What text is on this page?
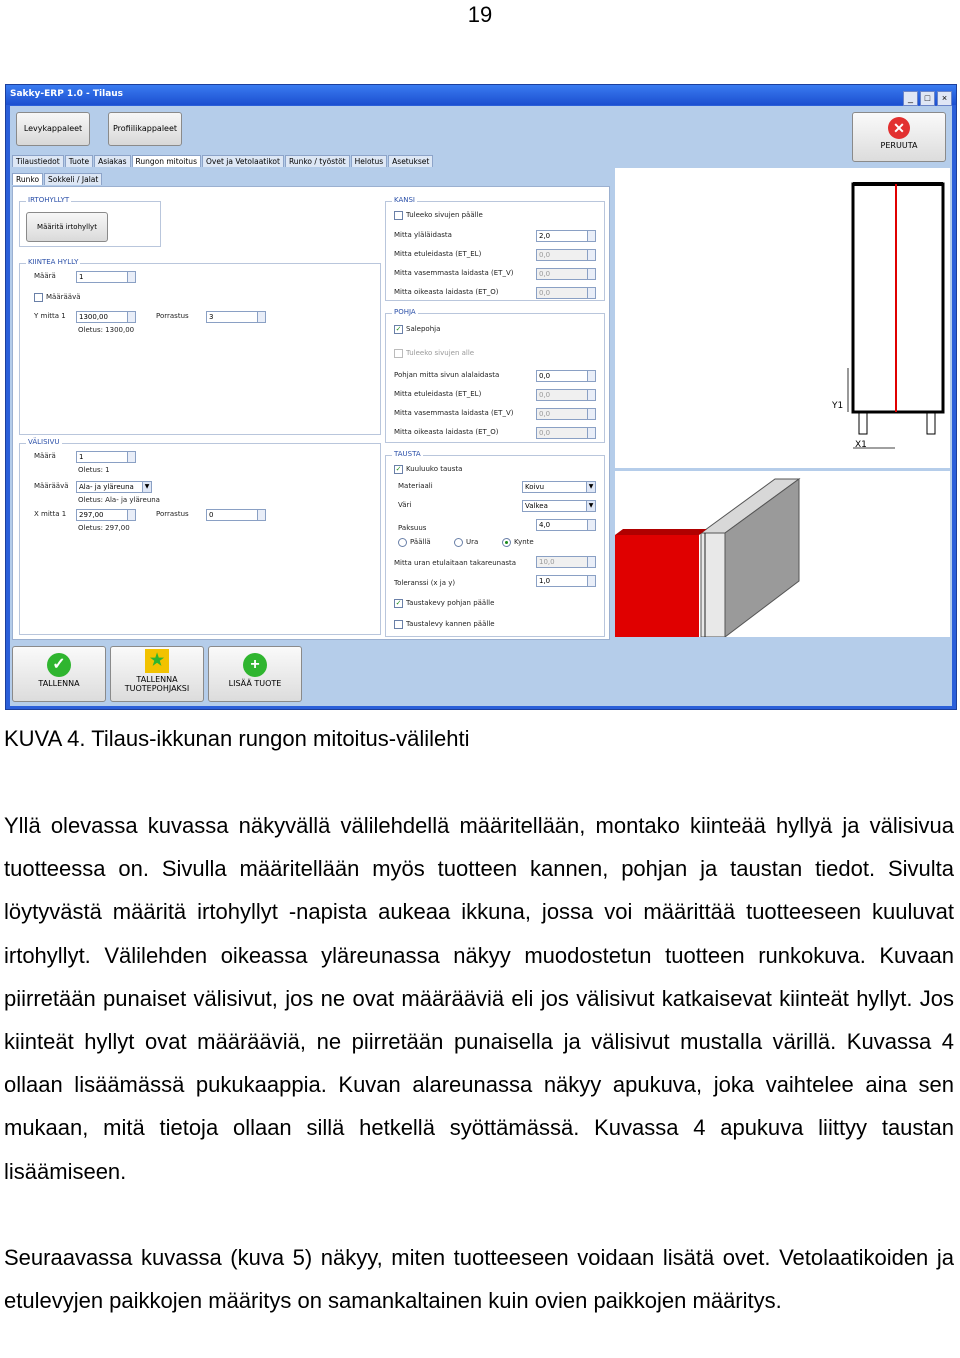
19
Sakky-ERP 1.0 - Tilaus	_ □ ×
Levykappaleet	Profiilikappaleet	✕
PERUUTA
Tilaustiedot Tuote Asiakas Rungon mitoitus Ovet ja Vetolaatikot Runko / työstöt Helotus Asetukset
Runko Sokkeli / Jalat
IRTOHYLLYT
Määritä irtohyllyt
KIINTEA HYLLY
Määrä	1
Määräävä
Y mitta 1	1300,00
Oletus: 1300,00
Porrastus	3
VÄLISIVU
Määrä	1
Oletus: 1
Määräävä	Ala- ja yläreuna	▼
Oletus: Ala- ja yläreuna
X mitta 1	297,00
Oletus: 297,00
Porrastus	0
KANSI
Tuleeko sivujen päälle
Mitta yläläidasta	2,0
Mitta etuleidasta (ET_EL)	0,0
Mitta vasemmasta laidasta (ET_V)	0,0
Mitta oikeasta laidasta (ET_O)	0,0
POHJA
✓ Salepohja
Tuleeko sivujen alle
Pohjan mitta sivun alalaidasta	0,0
Mitta etuleidasta (ET_EL)	0,0
Mitta vasemmasta laidasta (ET_V)	0,0
Mitta oikeasta laidasta (ET_O)	0,0
TAUSTA
✓ Kuuluuko tausta
Materiaali	Koivu	▼
Väri	Valkea	▼
Paksuus	4,0
Päällä	Ura	Kynte
Mitta uran etulaitaan takareunasta	10,0
Toleranssi (x ja y)	1,0
✓ Taustakevy pohjan päälle
Taustalevy kannen päälle
Y1
X1
✓
TALLENNA
★
TALLENNA TUOTEPOHJAKSI
+
LISÄÄ TUOTE
KUVA 4. Tilaus-ikkunan rungon mitoitus-välilehti
Yllä olevassa kuvassa näkyvällä välilehdellä määritellään, montako kiinteää hyllyä ja välisivua tuotteessa on. Sivulla määritellään myös tuotteen kannen, pohjan ja taustan tiedot. Sivulta löytyvästä määritä irtohyllyt -napista aukeaa ikkuna, jossa voi määrittää tuotteeseen kuuluvat irtohyllyt. Välilehden oikeassa yläreunassa näkyy muodostetun tuotteen runkokuva. Kuvaan piirretään punaiset välisivut, jos ne ovat määrääviä eli jos välisivut katkaisevat kiinteät hyllyt. Jos kiinteät hyllyt ovat määrääviä, ne piirretään punaisella ja välisivut mustalla värillä. Kuvassa 4 ollaan lisäämässä pukukaappia. Kuvan alareunassa näkyy apukuva, joka vaihtelee aina sen mukaan, mitä tietoja ollaan sillä hetkellä syöttämässä. Kuvassa 4 apukuva liittyy taustan lisäämiseen.
Seuraavassa kuvassa (kuva 5) näkyy, miten tuotteeseen voidaan lisätä ovet. Vetolaatikoiden ja etulevyjen paikkojen määritys on samankaltainen kuin ovien paikkojen määritys.
